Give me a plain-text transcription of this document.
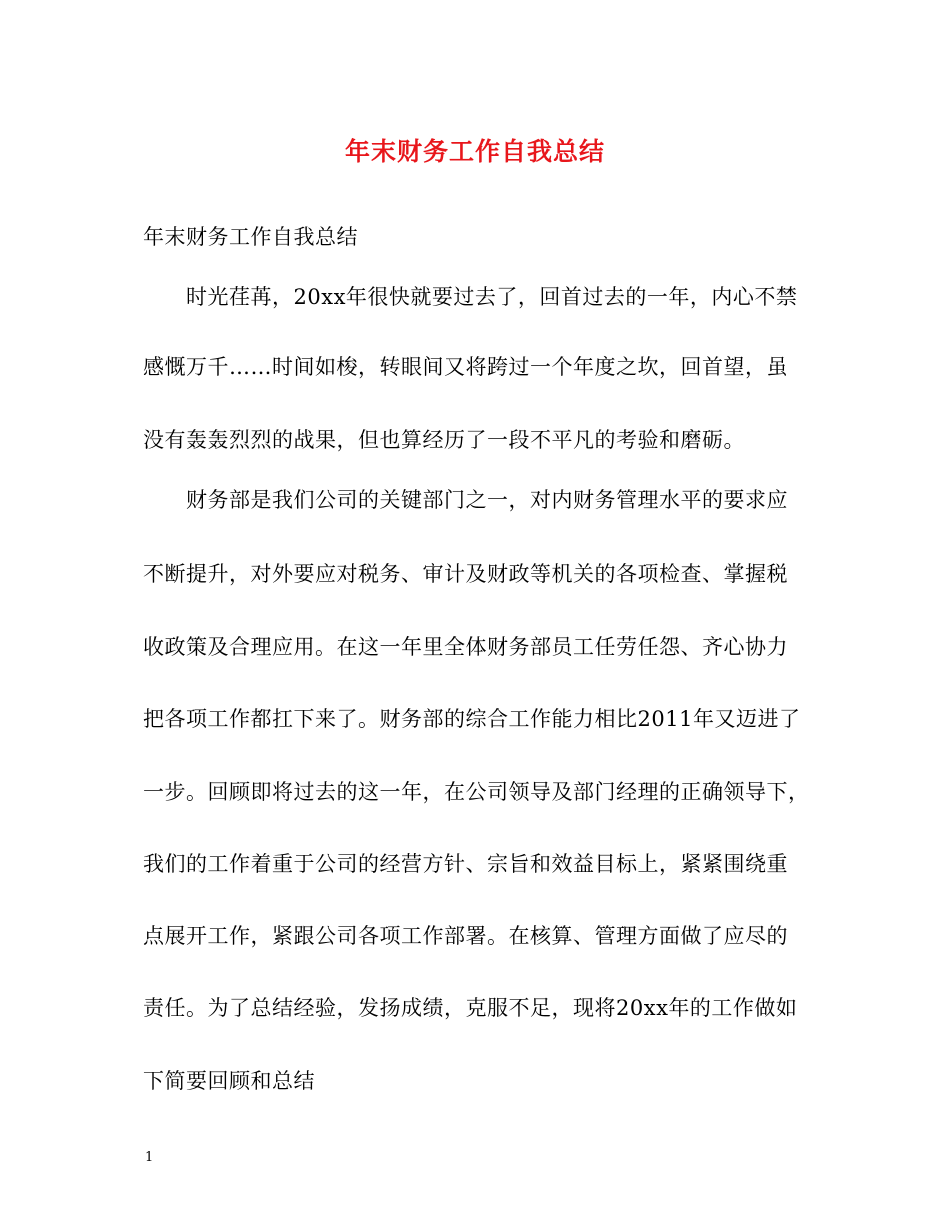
年末财务工作自我总结
年末财务工作自我总结
　　时光荏苒，20xx年很快就要过去了，回首过去的一年，内心不禁
感慨万千……时间如梭，转眼间又将跨过一个年度之坎，回首望，虽
没有轰轰烈烈的战果，但也算经历了一段不平凡的考验和磨砺。
　　财务部是我们公司的关键部门之一，对内财务管理水平的要求应
不断提升，对外要应对税务、审计及财政等机关的各项检查、掌握税
收政策及合理应用。在这一年里全体财务部员工任劳任怨、齐心协力
把各项工作都扛下来了。财务部的综合工作能力相比2011年又迈进了
一步。回顾即将过去的这一年，在公司领导及部门经理的正确领导下，
我们的工作着重于公司的经营方针、宗旨和效益目标上，紧紧围绕重
点展开工作，紧跟公司各项工作部署。在核算、管理方面做了应尽的
责任。为了总结经验，发扬成绩，克服不足，现将20xx年的工作做如
下简要回顾和总结
1
